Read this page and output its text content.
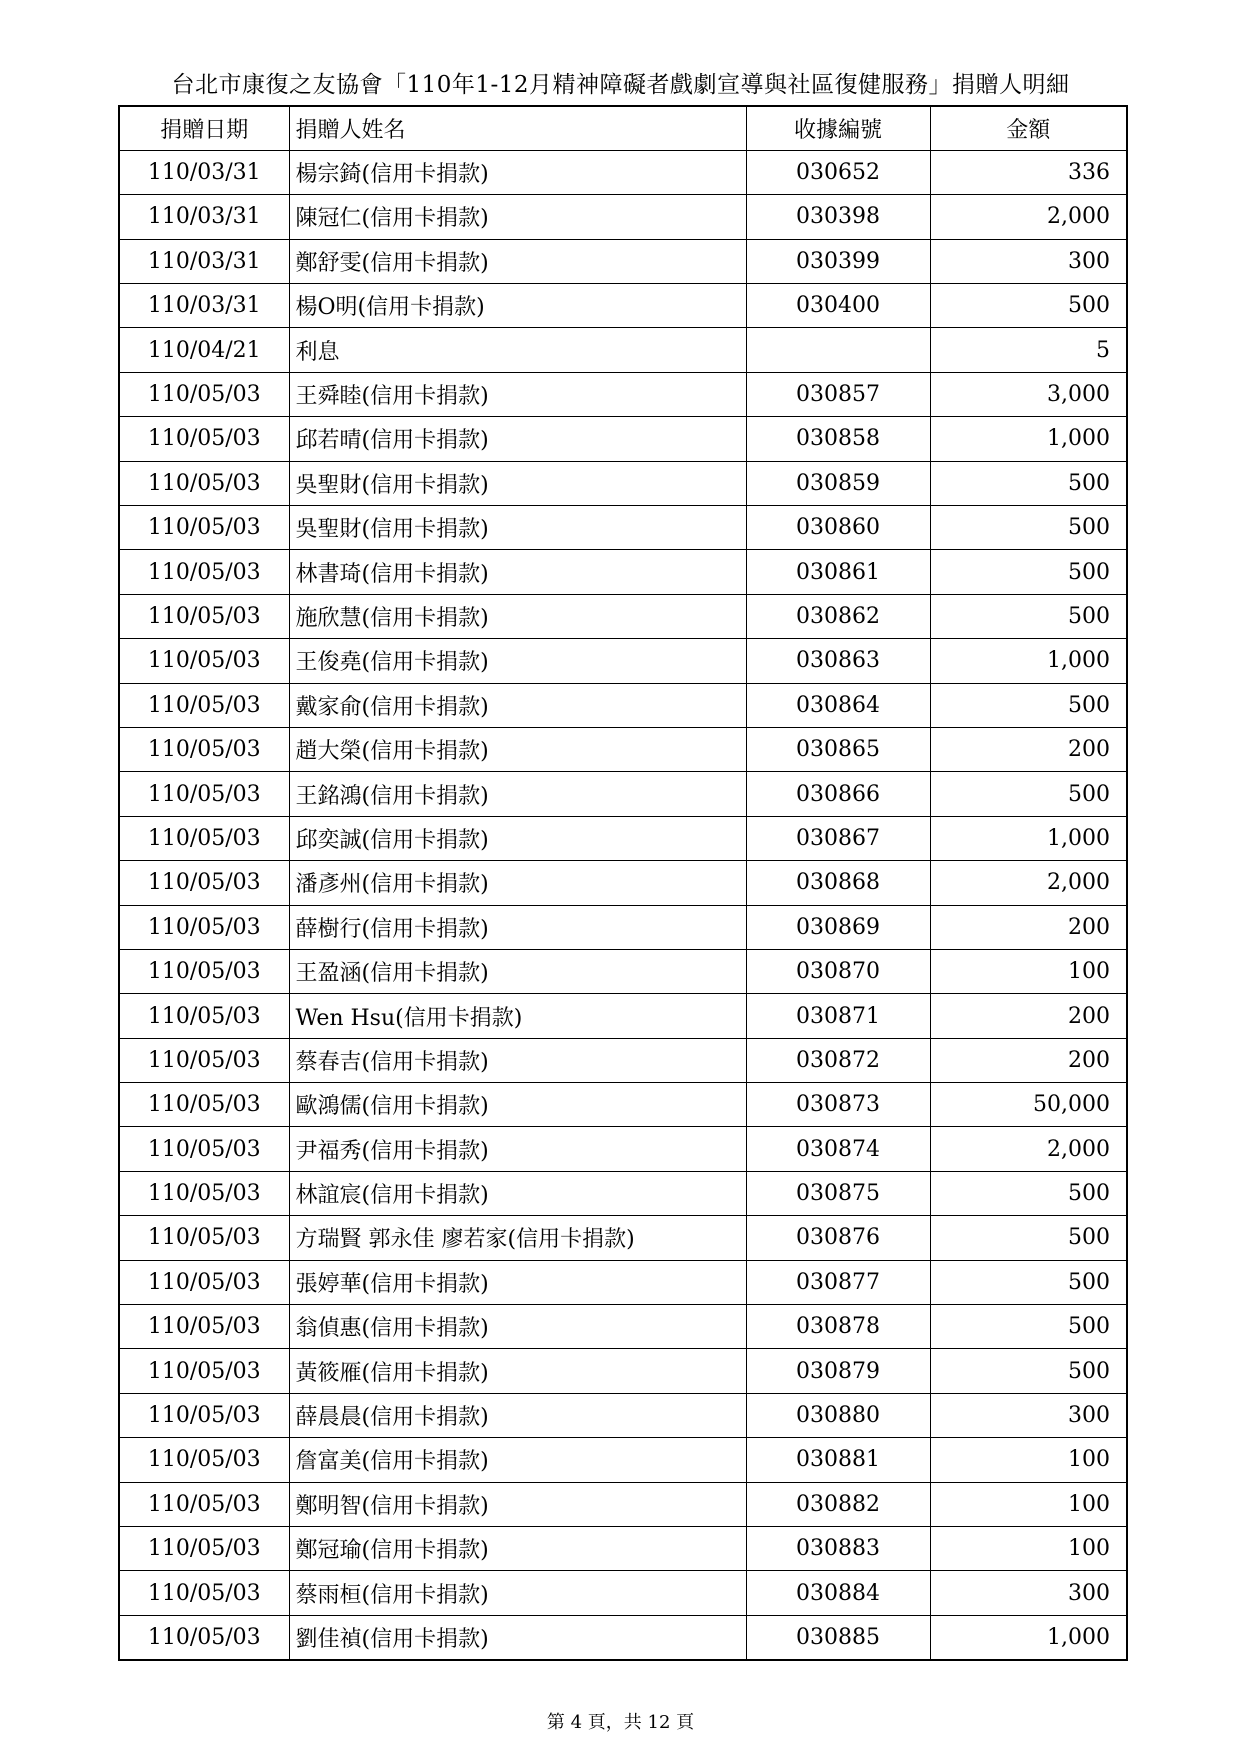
台北市康復之友協會「110年1-12月精神障礙者戲劇宣導與社區復健服務」捐贈人明細
捐贈日期	捐贈人姓名	收據編號	金額
110/03/31	楊宗錡(信用卡捐款)	030652	336
110/03/31	陳冠仁(信用卡捐款)	030398	2,000
110/03/31	鄭舒雯(信用卡捐款)	030399	300
110/03/31	楊O明(信用卡捐款)	030400	500
110/04/21	利息		5
110/05/03	王舜睦(信用卡捐款)	030857	3,000
110/05/03	邱若晴(信用卡捐款)	030858	1,000
110/05/03	吳聖財(信用卡捐款)	030859	500
110/05/03	吳聖財(信用卡捐款)	030860	500
110/05/03	林書琦(信用卡捐款)	030861	500
110/05/03	施欣慧(信用卡捐款)	030862	500
110/05/03	王俊堯(信用卡捐款)	030863	1,000
110/05/03	戴家俞(信用卡捐款)	030864	500
110/05/03	趙大榮(信用卡捐款)	030865	200
110/05/03	王銘鴻(信用卡捐款)	030866	500
110/05/03	邱奕誠(信用卡捐款)	030867	1,000
110/05/03	潘彥州(信用卡捐款)	030868	2,000
110/05/03	薛樹行(信用卡捐款)	030869	200
110/05/03	王盈涵(信用卡捐款)	030870	100
110/05/03	Wen Hsu(信用卡捐款)	030871	200
110/05/03	蔡春吉(信用卡捐款)	030872	200
110/05/03	歐鴻儒(信用卡捐款)	030873	50,000
110/05/03	尹福秀(信用卡捐款)	030874	2,000
110/05/03	林誼宸(信用卡捐款)	030875	500
110/05/03	方瑞賢 郭永佳 廖若家(信用卡捐款)	030876	500
110/05/03	張婷華(信用卡捐款)	030877	500
110/05/03	翁偵惠(信用卡捐款)	030878	500
110/05/03	黃筱雁(信用卡捐款)	030879	500
110/05/03	薛晨晨(信用卡捐款)	030880	300
110/05/03	詹富美(信用卡捐款)	030881	100
110/05/03	鄭明智(信用卡捐款)	030882	100
110/05/03	鄭冠瑜(信用卡捐款)	030883	100
110/05/03	蔡雨桓(信用卡捐款)	030884	300
110/05/03	劉佳禎(信用卡捐款)	030885	1,000
第 4 頁，共 12 頁
